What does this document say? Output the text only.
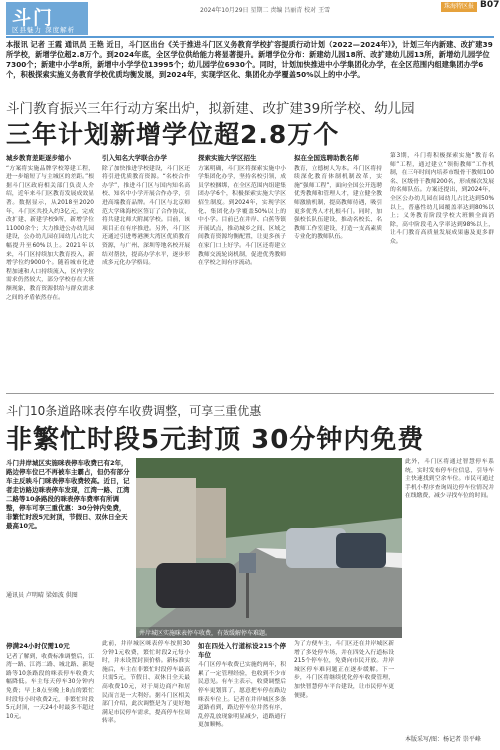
斗门
区县魅力 深度解析
2024年10月29日 星期二 责编 吕丽青 校对 王雪
珠海特区报 B07
本报讯 记者 王霞 通讯员 王艳 近日，斗门区出台《关于推进斗门区义务教育学校扩容提质行动计划（2022—2024年）》，计划三年内新建、改扩建39所学校，新增学位超2.8万个。到2024年底，全区学位供给能力将显著提升。新增学位分布：新建幼儿园18所、改扩建幼儿园13所，新增幼儿园学位7300个；新建中小学8所，新增中小学学位13995个；幼儿园学位6930个。同时，计划加快推进中小学集团化办学，在全区范围内组建集团办学6个，积极探索实施义务教育学校优质均衡发展，到2024年，实现学区化、集团化办学覆盖50%以上的中小学。
斗门教育振兴三年行动方案出炉，拟新建、改扩建39所学校、幼儿园
三年计划新增学位超2.8万个
城乡教育差距逐步缩小
“方案将实施品牌学校筹建工程，进一步缩短了与主城区的差距。”根据斗门区政府相关部门负责人介绍，近年来斗门区教育发展成效显著。数据显示，从2018至2020年，斗门区共投入约3亿元，完成改扩建、新建学校9所，新增学位11000余个；大力推进公办幼儿园建设，公办幼儿园在园幼儿占比大幅提升至60%以上。2021年以来，斗门区持续加大教育投入，新增学位约9000个。随着城市化进程加速和人口持续流入，区内学位需求仍然较大，部分学校存在大班额现象，教育资源供给与群众需求之间的矛盾依然存在。
引入知名大学联合办学
除了加快推进学校建设，斗门区还将引进优质教育资源。“名校合作办学”，推进斗门区与国内知名高校、知名中小学开展合作办学，引进高端教育品牌。斗门区与北京师范大学珠海校区签订了合作协议，将共建北师大附属学校。目前，该项目正在有序推进。另外，斗门区还通过引进粤港澳大湾区优质教育资源，与广州、深圳等地名校开展结对帮扶，提高办学水平，逐步形成多元化办学格局。
探索实施大学区招生
方案明确，斗门区将探索实施中小学集团化办学，坚持名校引领，成员学校捆绑，在全区范围内组建集团办学6个，积极探索实施大学区招生制度。到2024年，实现学区化、集团化办学覆盖50%以上的中小学。目前已在井岸、白蕉等镇开展试点，推动城乡之间、区域之间教育资源均衡配置，让更多孩子在家门口上好学。斗门区还将建立教师交流轮岗机制，促进优秀教师在学校之间有序流动。
拟在全国选聘助教名师
教育，立德树人为本。斗门区将持续深化教育体制机制改革，实施“强师工程”，面向全国公开选聘优秀教师和管理人才，建立健全教师激励机制，提高教师待遇，吸引更多优秀人才扎根斗门。同时，加强校长队伍建设，推动名校长、名教师工作室建设，打造一支高素质专业化的教师队伍。
第3期，斗门将积极探索实施“教育名师”工程，通过建立“领衔教师”工作机制，在三年时间内培养市级骨干教师100名、区级骨干教师200名，形成梯次发展的名师队伍。方案还提出，到2024年，全区公办幼儿园在园幼儿占比达到50%以上，普惠性幼儿园覆盖率达到80%以上；义务教育阶段学校大班额全面消除，高中阶段毛入学率达到98%以上，让斗门教育高质量发展成果惠及更多群众。
斗门10条道路咪表停车收费调整，可享三重优惠
非繁忙时段5元封顶 30分钟内免费
斗门井岸城区实施咪表停车收费已有2年，路边停车位已不再被车主霸占，但仍有部分车主反映斗门咪表停车收费较高。近日，记者走访路边咪表停车发现，江湾一路、江湾二路等10条路段的咪表停车费率有所调整，停车可享三重优惠：30分钟内免费，非繁忙时段5元封顶，节假日、双休日全天最高10元。
井岸城区实施咪表停车收费，有效缓解停车难题。
通讯员 卢明晴 梁如波 供图
停满24小时仅需10元
记者了解到，收费标准调整后，江湾一路、江湾二路、城北路、新堤路等10条路段的咪表停车收费大幅降低。车主每天停车30分钟内免费；早上8点至晚上8点的繁忙时段每小时收费2元，非繁忙时段5元封顶，一天24小时最多不超过10元。
此前，井岸城区咪表停车按照30分钟1元收费，繁忙时段2元每小时，并未设置封顶价格。新标准实施后，车主在非繁忙时段停车最高只需5元，节假日、双休日全天最高收费10元，对于周边商户和居民而言是一大利好。据斗门区相关部门介绍，此次调整是为了更好地满足市民停车需求，提高停车位周转率。
如在四处入行道标设215个停车位
斗门区停车收费已实施约两年，积累了一定管理经验，也收到不少市民意见。有车主表示，收费调整后停车更划算了，愿意把车停在路边咪表车位上。记者在井岸城区多条道路看到，路边停车位井然有序，乱停乱放现象明显减少，道路通行更加顺畅。
为了方便车主，斗门区还在井岸城区新增了多处停车场，并在四处入行道标设215个停车位，免费向市民开放。井岸城区停车难问题正在逐步缓解。下一步，斗门区将继续优化停车收费管理，加快智慧停车平台建设，让市民停车更便捷。
此外，斗门区将通过智慧停车系统，实时发布停车位信息，引导车主快速找到空余车位。市民可通过手机小程序查询周边停车位情况并在线缴费，减少寻找车位的时间。
本版采写/图：杨记者 崇平峰
